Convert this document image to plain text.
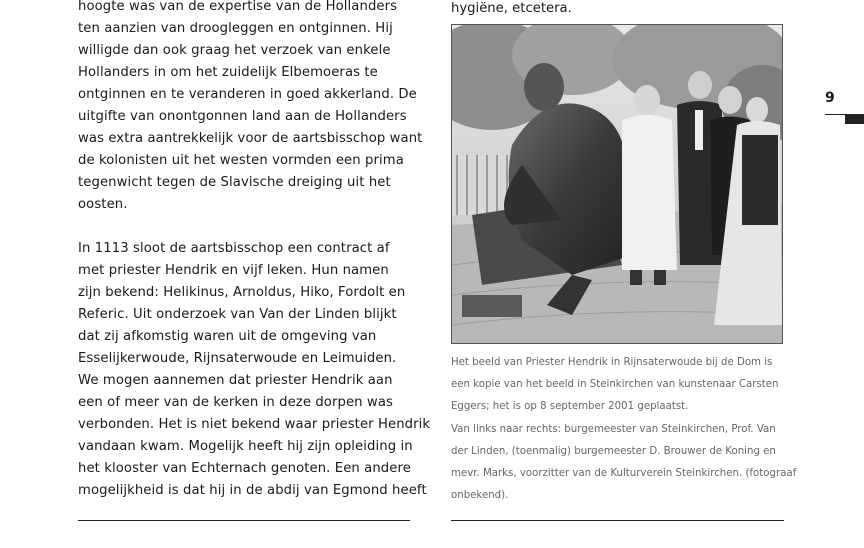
hoogte was van de expertise van de Hollanders

ten aanzien van droogleggen en ontginnen. Hij

willigde dan ook graag het verzoek van enkele

Hollanders in om het zuidelijk Elbemoeras te

ontginnen en te veranderen in goed akkerland. De

uitgifte van onontgonnen land aan de Hollanders

was extra aantrekkelijk voor de aartsbisschop want

de kolonisten uit het westen vormden een prima

tegenwicht tegen de Slavische dreiging uit het

oosten.

In 1113 sloot de aartsbisschop een contract af

met priester Hendrik en vijf leken. Hun namen

zijn bekend: Helikinus, Arnoldus, Hiko, Fordolt en

Referic. Uit onderzoek van Van der Linden blijkt

dat zij afkomstig waren uit de omgeving van

Esselijkerwoude, Rijnsaterwoude en Leimuiden.

We mogen aannemen dat priester Hendrik aan

een of meer van de kerken in deze dorpen was

verbonden. Het is niet bekend waar priester Hendrik

vandaan kwam. Mogelijk heeft hij zijn opleiding in

het klooster van Echternach genoten. Een andere

mogelijkheid is dat hij in de abdij van Egmond heeft

hygiëne, etcetera.

Het beeld van Priester Hendrik in Rijnsaterwoude bij de Dom is

een kopie van het beeld in Steinkirchen van kunstenaar Carsten

Eggers; het is op 8 september 2001 geplaatst.

Van links naar rechts: burgemeester van Steinkirchen, Prof. Van

der Linden, (toenmalig) burgemeester D. Brouwer de Koning en

mevr. Marks, voorzitter van de Kulturverein Steinkirchen. (fotograaf

onbekend).

9
